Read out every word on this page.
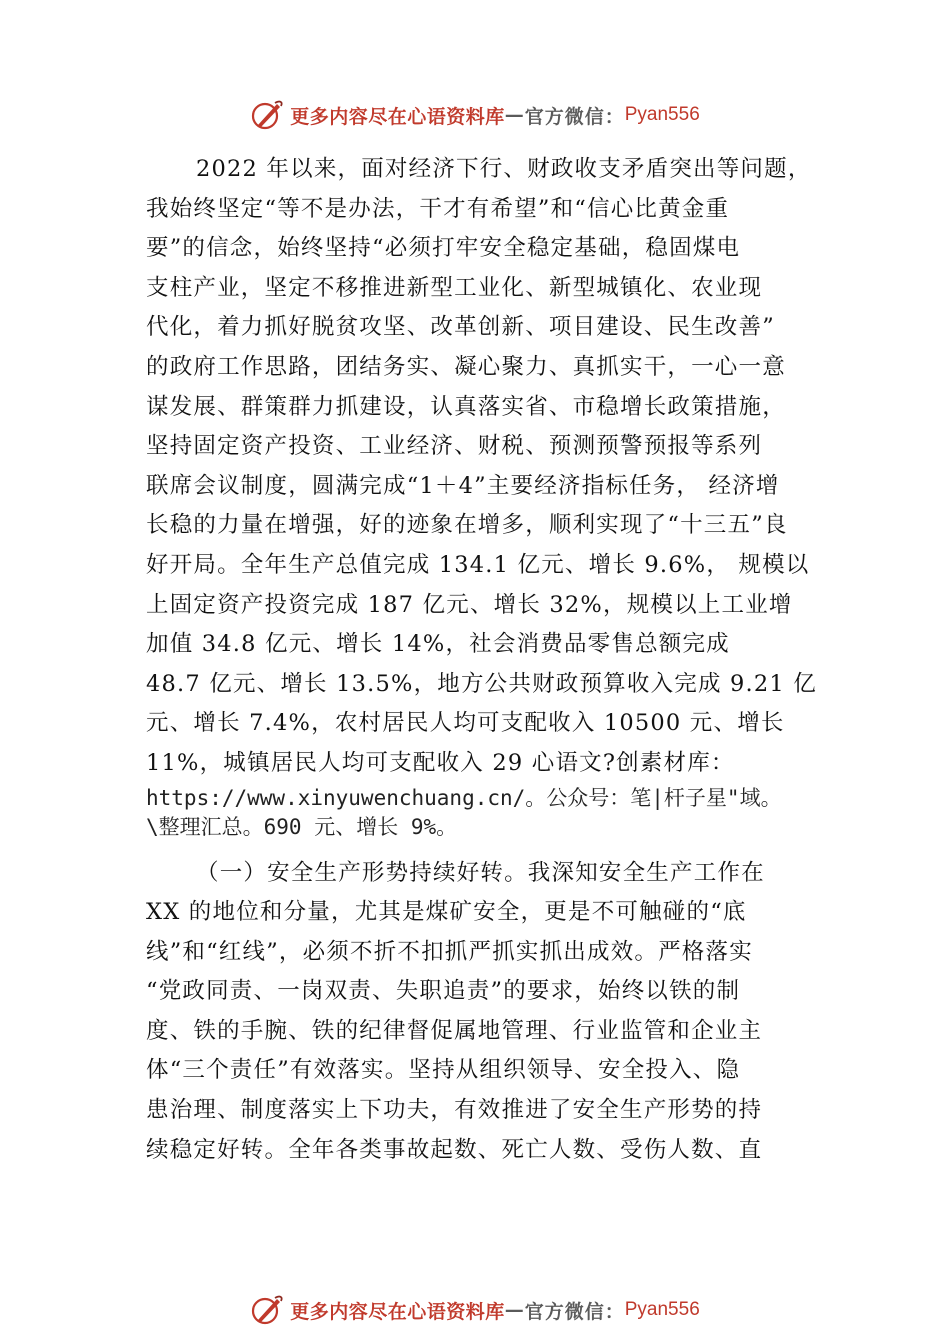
更多内容尽在心语资料库 — 官方微信： Pyan556

2022 年以来，面对经济下行、财政收支矛盾突出等问题，

我始终坚定“等不是办法，干才有希望”和“信心比黄金重

要”的信念，始终坚持“必须打牢安全稳定基础，稳固煤电

支柱产业，坚定不移推进新型工业化、新型城镇化、农业现

代化，着力抓好脱贫攻坚、改革创新、项目建设、民生改善”

的政府工作思路，团结务实、凝心聚力、真抓实干，一心一意

谋发展、群策群力抓建设，认真落实省、市稳增长政策措施，

坚持固定资产投资、工业经济、财税、预测预警预报等系列

联席会议制度，圆满完成“1＋4”主要经济指标任务， 经济增

长稳的力量在增强，好的迹象在增多，顺利实现了“十三五”良

好开局。全年生产总值完成 134.1 亿元、增长 9.6%， 规模以

上固定资产投资完成 187 亿元、增长 32%，规模以上工业增

加值 34.8 亿元、增长 14%，社会消费品零售总额完成

48.7 亿元、增长 13.5%，地方公共财政预算收入完成 9.21 亿

元、增长 7.4%，农村居民人均可支配收入 10500 元、增长

11%，城镇居民人均可支配收入 29 心语文?创素材库：

https://www.xinyuwenchuang.cn/。公众号：笔|杆子星"域。

\整理汇总。690 元、增长 9%。

（一）安全生产形势持续好转。我深知安全生产工作在

XX 的地位和分量，尤其是煤矿安全，更是不可触碰的“底

线”和“红线”，必须不折不扣抓严抓实抓出成效。严格落实

“党政同责、一岗双责、失职追责”的要求，始终以铁的制

度、铁的手腕、铁的纪律督促属地管理、行业监管和企业主

体“三个责任”有效落实。坚持从组织领导、安全投入、隐

患治理、制度落实上下功夫，有效推进了安全生产形势的持

续稳定好转。全年各类事故起数、死亡人数、受伤人数、直

更多内容尽在心语资料库 — 官方微信： Pyan556
